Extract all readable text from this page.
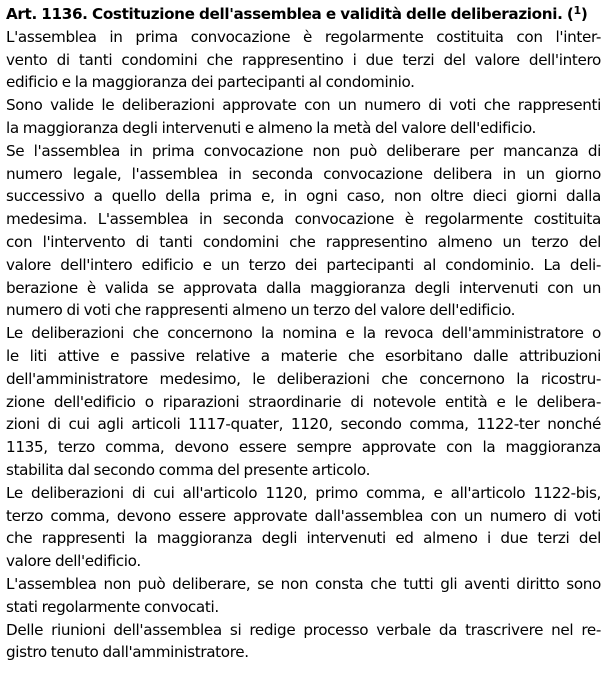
Art. 1136. Costituzione dell'assemblea e validità delle deliberazioni. ($^1$)
L'assemblea in prima convocazione è regolarmente costituita con l'inter-
vento di tanti condomini che rappresentino i due terzi del valore dell'intero
edificio e la maggioranza dei partecipanti al condominio.
Sono valide le deliberazioni approvate con un numero di voti che rappresenti
la maggioranza degli intervenuti e almeno la metà del valore dell'edificio.
Se l'assemblea in prima convocazione non può deliberare per mancanza di
numero legale, l'assemblea in seconda convocazione delibera in un giorno
successivo a quello della prima e, in ogni caso, non oltre dieci giorni dalla
medesima. L'assemblea in seconda convocazione è regolarmente costituita
con l'intervento di tanti condomini che rappresentino almeno un terzo del
valore dell'intero edificio e un terzo dei partecipanti al condominio. La deli-
berazione è valida se approvata dalla maggioranza degli intervenuti con un
numero di voti che rappresenti almeno un terzo del valore dell'edificio.
Le deliberazioni che concernono la nomina e la revoca dell'amministratore o
le liti attive e passive relative a materie che esorbitano dalle attribuzioni
dell'amministratore medesimo, le deliberazioni che concernono la ricostru-
zione dell'edificio o riparazioni straordinarie di notevole entità e le delibera-
zioni di cui agli articoli 1117-quater, 1120, secondo comma, 1122-ter nonché
1135, terzo comma, devono essere sempre approvate con la maggioranza
stabilita dal secondo comma del presente articolo.
Le deliberazioni di cui all'articolo 1120, primo comma, e all'articolo 1122-bis,
terzo comma, devono essere approvate dall'assemblea con un numero di voti
che rappresenti la maggioranza degli intervenuti ed almeno i due terzi del
valore dell'edificio.
L'assemblea non può deliberare, se non consta che tutti gli aventi diritto sono
stati regolarmente convocati.
Delle riunioni dell'assemblea si redige processo verbale da trascrivere nel re-
gistro tenuto dall'amministratore.
